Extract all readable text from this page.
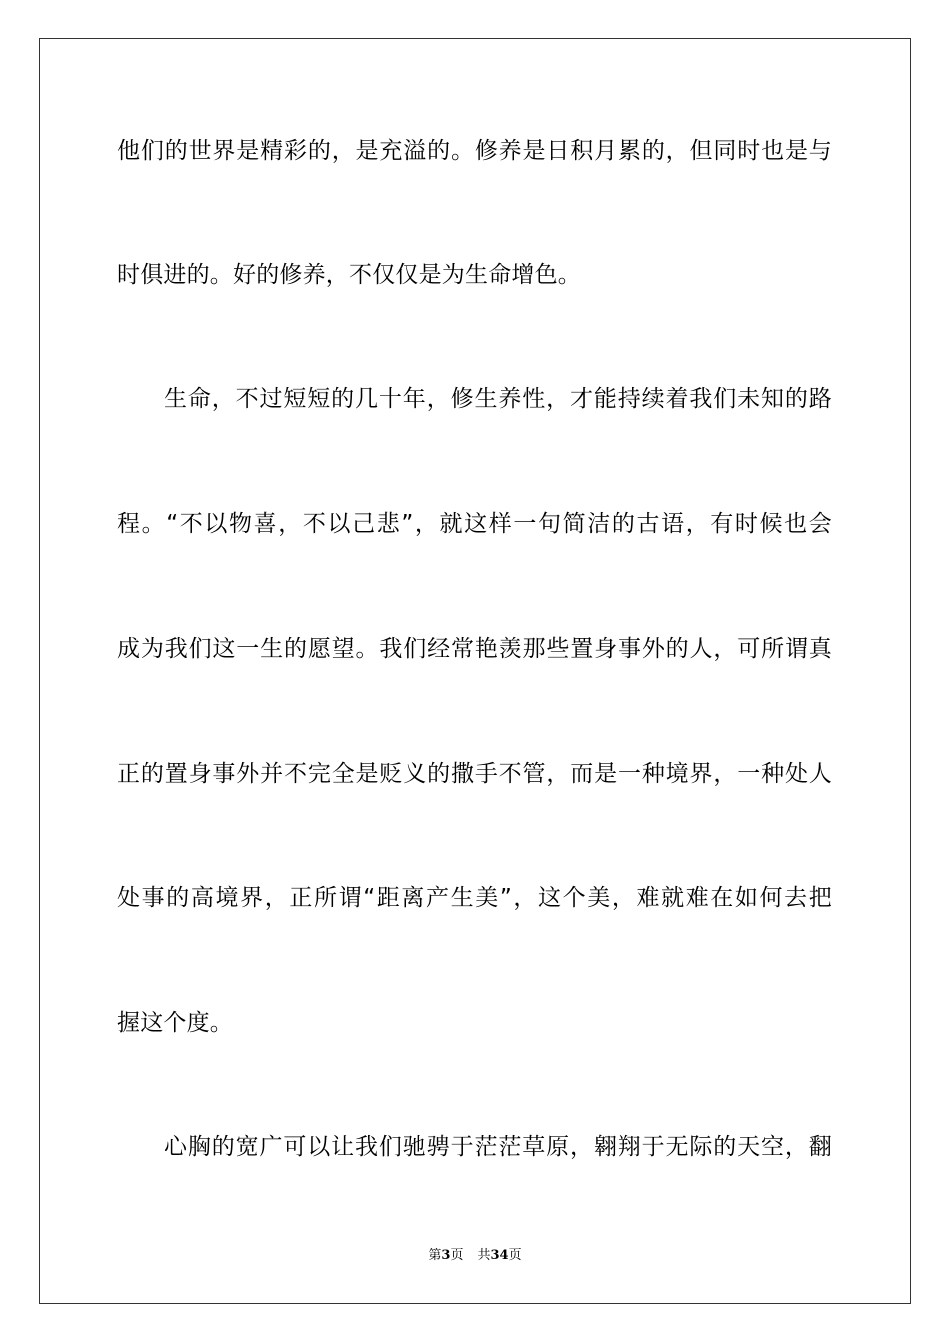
他们的世界是精彩的，是充溢的。修养是日积月累的，但同时也是与
时俱进的。好的修养，不仅仅是为生命增色。
生命，不过短短的几十年，修生养性，才能持续着我们未知的路
程。“不以物喜，不以己悲”，就这样一句简洁的古语，有时候也会
成为我们这一生的愿望。我们经常艳羡那些置身事外的人，可所谓真
正的置身事外并不完全是贬义的撒手不管，而是一种境界，一种处人
处事的高境界，正所谓“距离产生美”，这个美，难就难在如何去把
握这个度。
心胸的宽广可以让我们驰骋于茫茫草原，翱翔于无际的天空，翻
第3页 共34页
